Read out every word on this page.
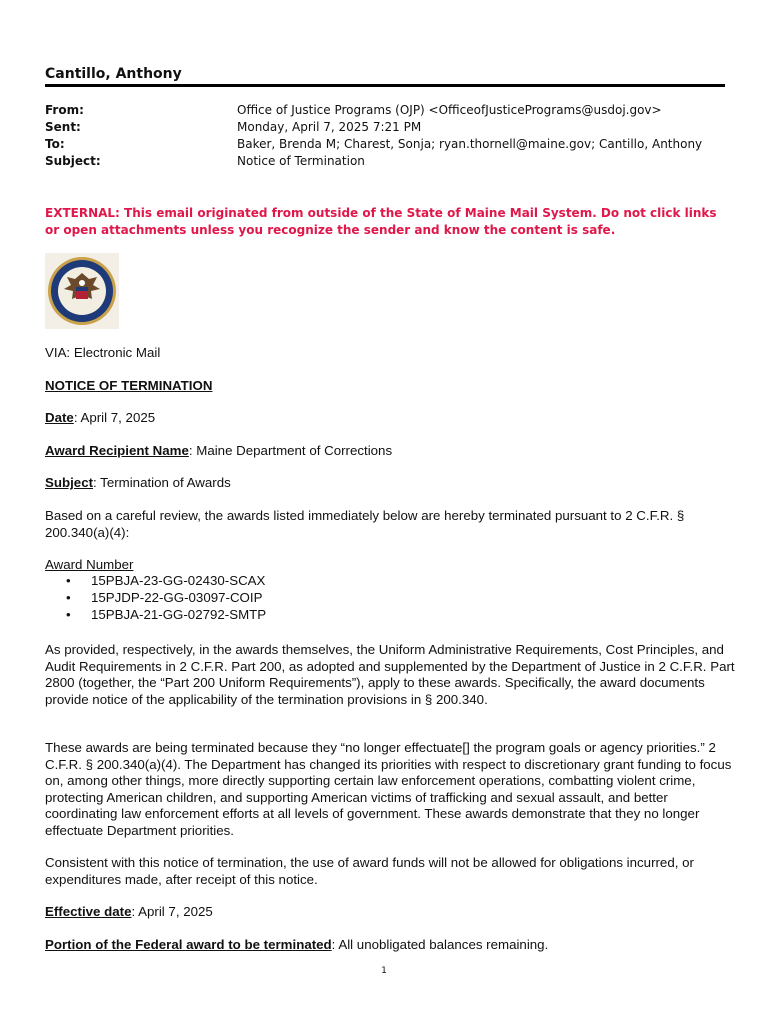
Cantillo, Anthony
From:	Office of Justice Programs (OJP) <OfficeofJusticePrograms@usdoj.gov>
Sent:	Monday, April 7, 2025 7:21 PM
To:	Baker, Brenda M; Charest, Sonja; ryan.thornell@maine.gov; Cantillo, Anthony
Subject:	Notice of Termination
EXTERNAL: This email originated from outside of the State of Maine Mail System. Do not click links or open attachments unless you recognize the sender and know the content is safe.
VIA: Electronic Mail
NOTICE OF TERMINATION
Date: April 7, 2025
Award Recipient Name: Maine Department of Corrections
Subject: Termination of Awards
Based on a careful review, the awards listed immediately below are hereby terminated pursuant to 2 C.F.R. § 200.340(a)(4):
Award Number
• 15PBJA-23-GG-02430-SCAX
• 15PJDP-22-GG-03097-COIP
• 15PBJA-21-GG-02792-SMTP
As provided, respectively, in the awards themselves, the Uniform Administrative Requirements, Cost Principles, and Audit Requirements in 2 C.F.R. Part 200, as adopted and supplemented by the Department of Justice in 2 C.F.R. Part 2800 (together, the “Part 200 Uniform Requirements”), apply to these awards. Specifically, the award documents provide notice of the applicability of the termination provisions in § 200.340.
These awards are being terminated because they “no longer effectuate[] the program goals or agency priorities.” 2 C.F.R. § 200.340(a)(4). The Department has changed its priorities with respect to discretionary grant funding to focus on, among other things, more directly supporting certain law enforcement operations, combatting violent crime, protecting American children, and supporting American victims of trafficking and sexual assault, and better coordinating law enforcement efforts at all levels of government. These awards demonstrate that they no longer effectuate Department priorities.
Consistent with this notice of termination, the use of award funds will not be allowed for obligations incurred, or expenditures made, after receipt of this notice.
Effective date: April 7, 2025
Portion of the Federal award to be terminated: All unobligated balances remaining.
1
